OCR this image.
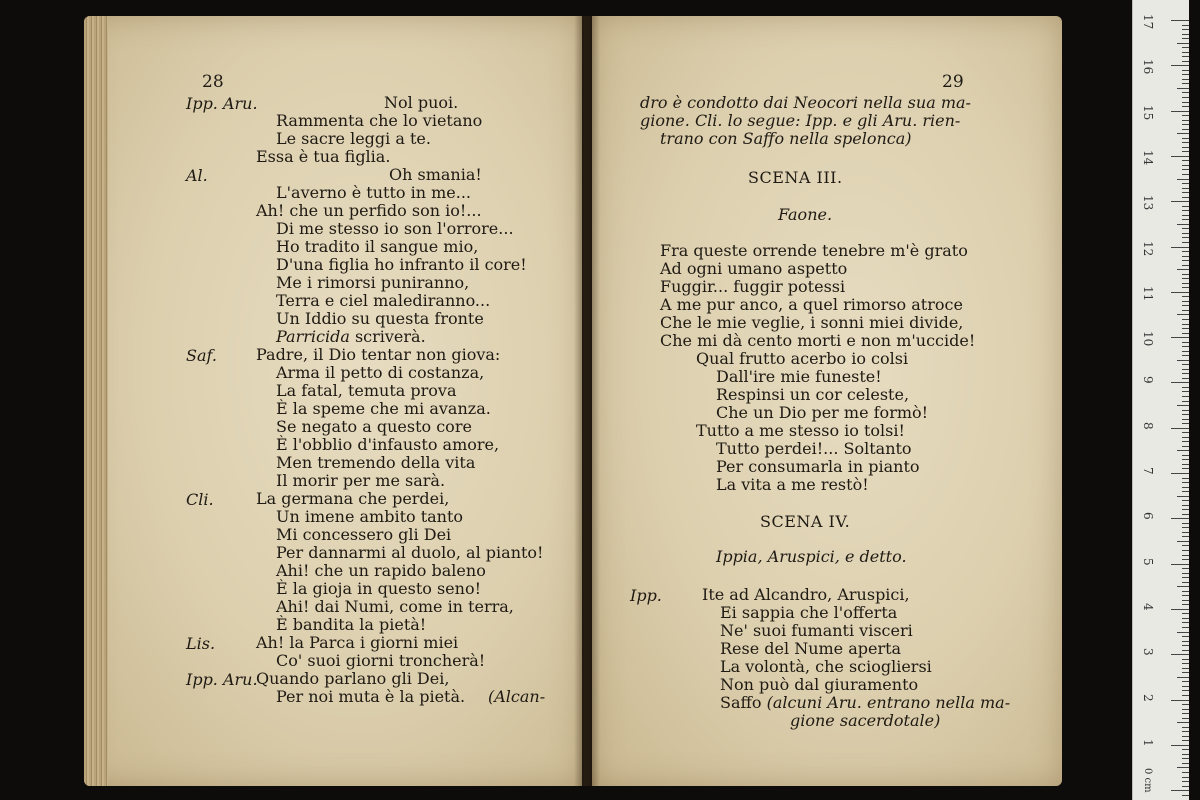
28
Ipp. Aru.	Nol puoi.
Rammenta che lo vietano
Le sacre leggi a te.
Essa è tua figlia.
Al.	Oh smania!
L'averno è tutto in me...
Ah! che un perfido son io!...
Di me stesso io son l'orrore...
Ho tradito il sangue mio,
D'una figlia ho infranto il core!
Me i rimorsi puniranno,
Terra e ciel malediranno...
Un Iddio su questa fronte
Parricida scriverà.
Saf. Padre, il Dio tentar non giova:
Arma il petto di costanza,
La fatal, temuta prova
È la speme che mi avanza.
Se negato a questo core
È l'obblio d'infausto amore,
Men tremendo della vita
Il morir per me sarà.
Cli.	La germana che perdei,
Un imene ambito tanto
Mi concessero gli Dei
Per dannarmi al duolo, al pianto!
Ahi! che un rapido baleno
È la gioja in questo seno!
Ahi! dai Numi, come in terra,
È bandita la pietà!
Lis.	Ah! la Parca i giorni miei
Co' suoi giorni troncherà!
Ipp. Aru.
Quando parlano gli Dei,
Per noi muta è la pietà. (Alcan-
29
dro è condotto dai Neocori nella sua ma-
gione. Cli. lo segue: Ipp. e gli Aru. rien-
trano con Saffo nella spelonca)
SCENA III.
Faone.
Fra queste orrende tenebre m'è grato
Ad ogni umano aspetto
Fuggir... fuggir potessi
A me pur anco, a quel rimorso atroce
Che le mie veglie, i sonni miei divide,
Che mi dà cento morti e non m'uccide!
Qual frutto acerbo io colsi
Dall'ire mie funeste!
Respinsi un cor celeste,
Che un Dio per me formò!
Tutto a me stesso io tolsi!
Tutto perdei!... Soltanto
Per consumarla in pianto
La vita a me restò!
SCENA IV.
Ippia, Aruspici, e detto.
Ipp.	Ite ad Alcandro, Aruspici,
Ei sappia che l'offerta
Ne' suoi fumanti visceri
Rese del Nume aperta
La volontà, che sciogliersi
Non può dal giuramento
Saffo (alcuni Aru. entrano nella ma-
gione sacerdotale)
17
16
15
14
13
12
11
10
9
8
7
6
5
4
3
2
1
0 cm
